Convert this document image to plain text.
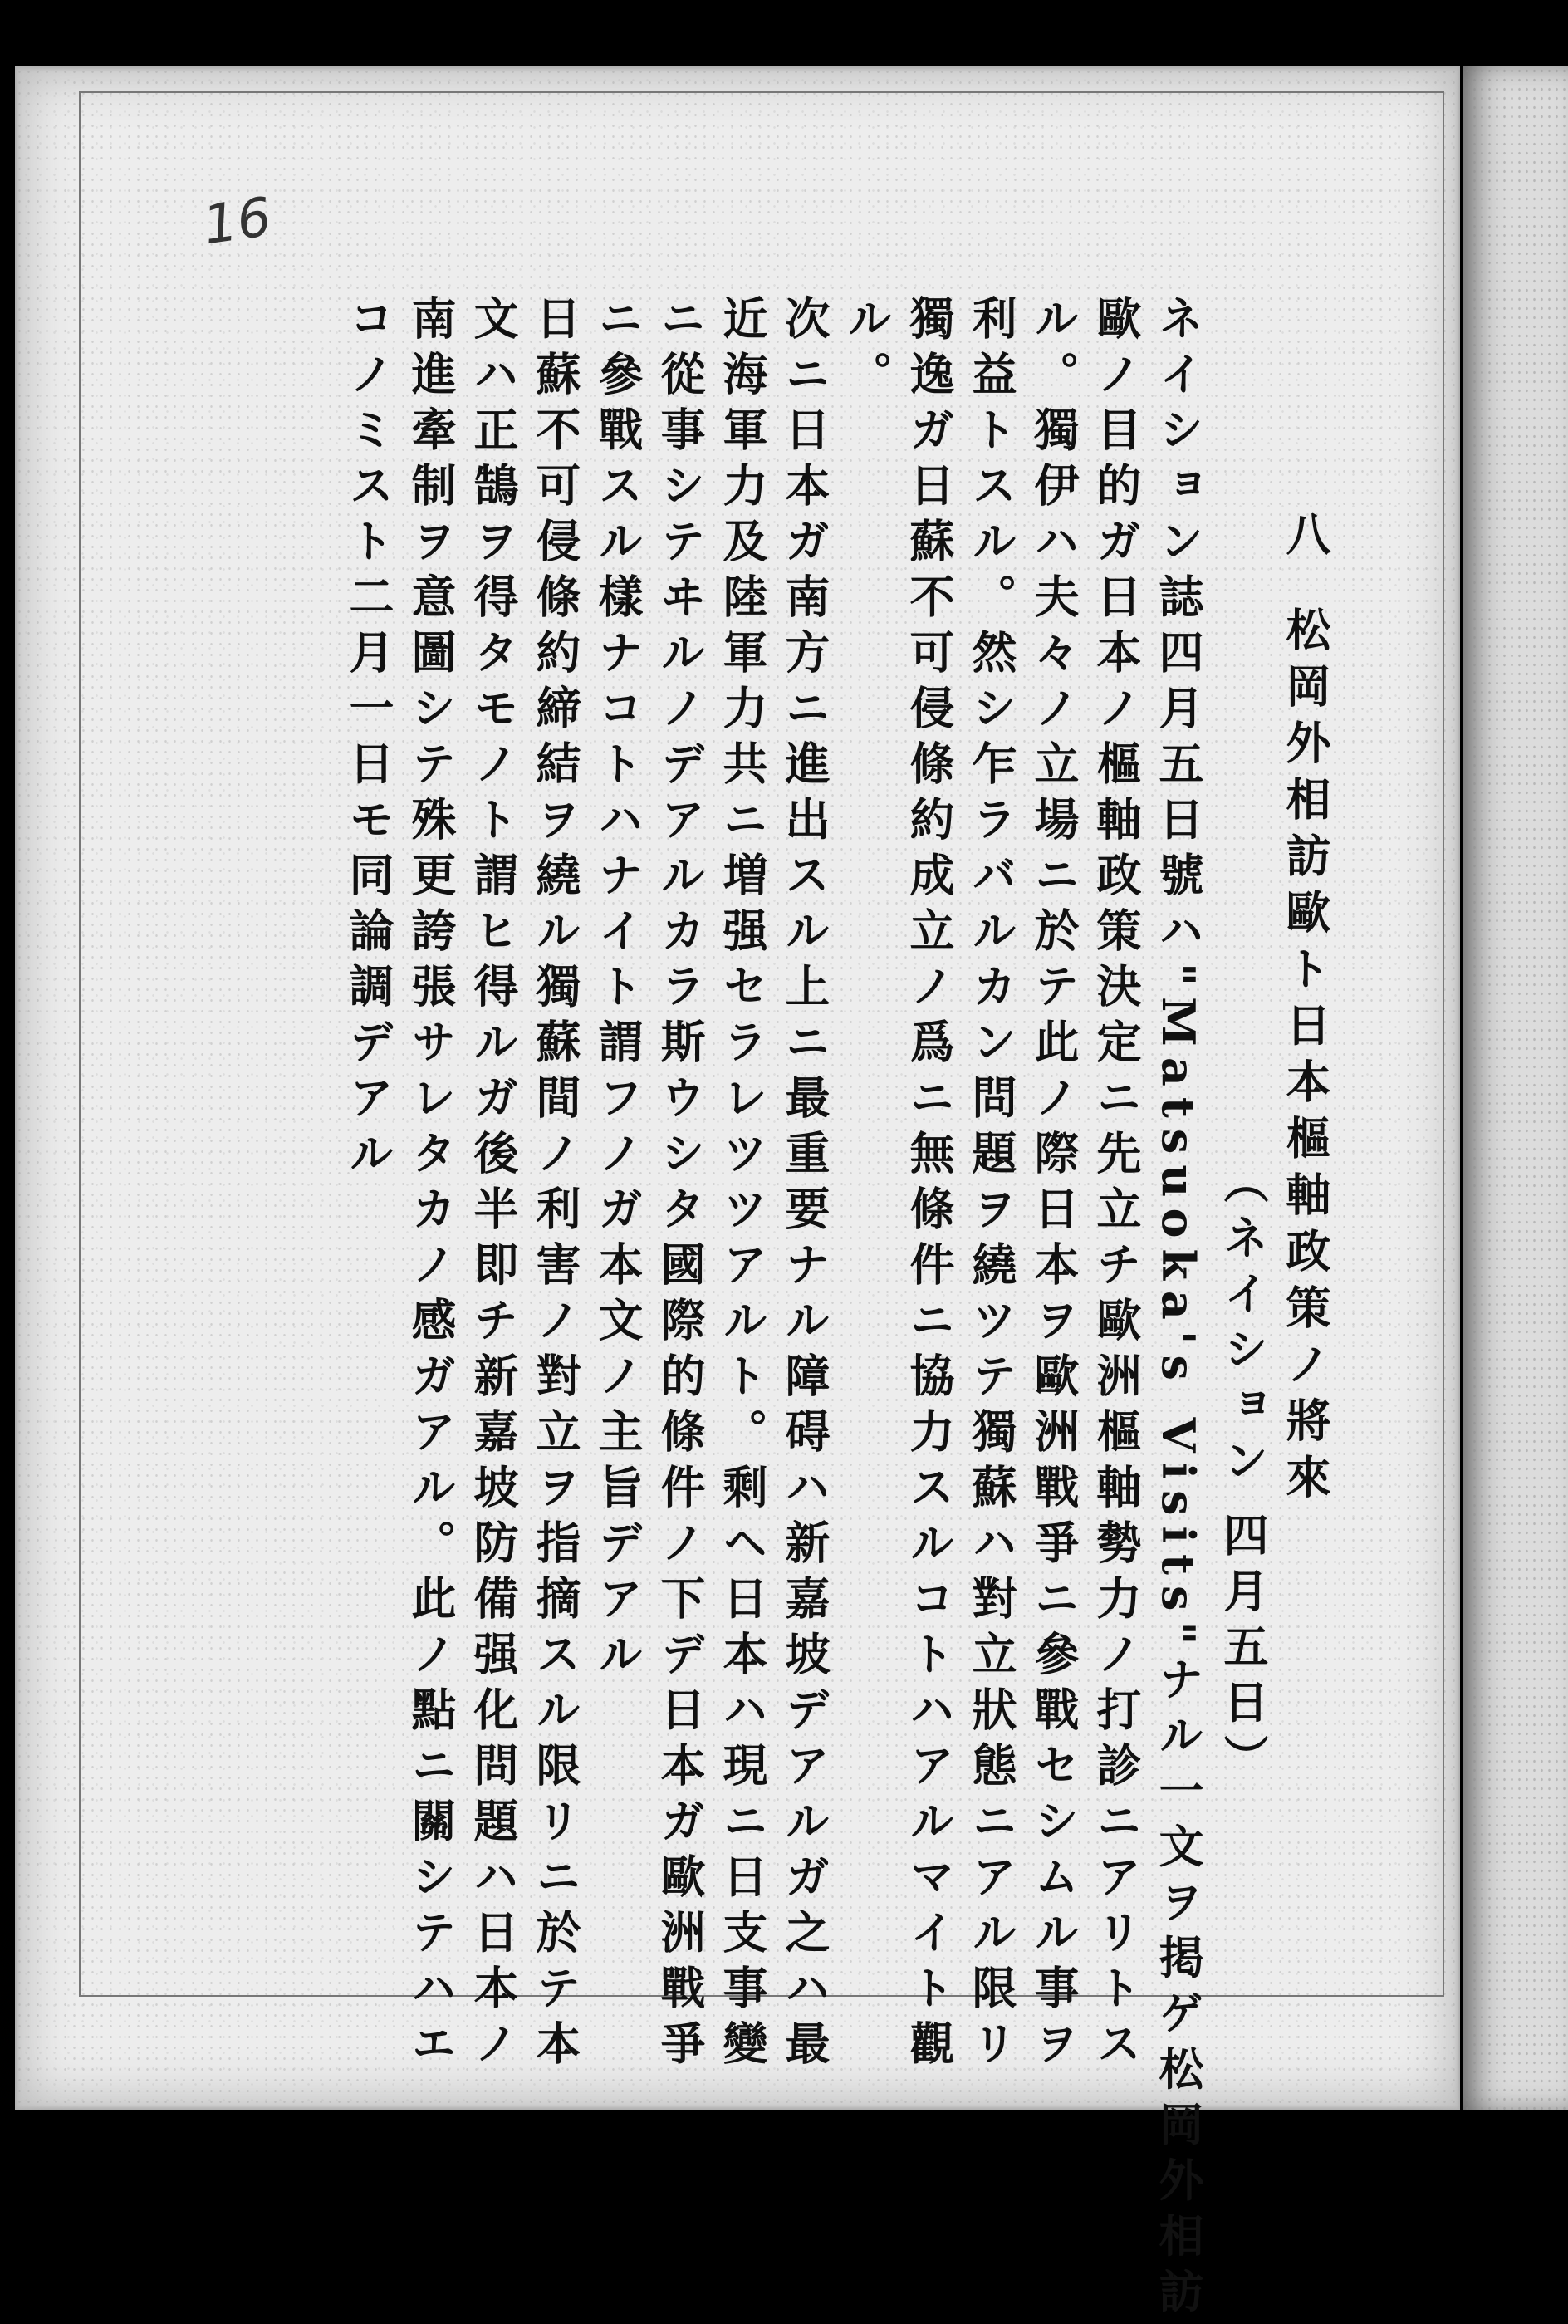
16
八
松岡外相訪歐ト日本樞軸政策ノ將來
（ネイション
四月五日）
ネイション誌四月五日號ハ"Matsuoka's Visits"ナル一文ヲ掲ゲ松岡外相訪
歐ノ目的ガ日本ノ樞軸政策決定ニ先立チ歐洲樞軸勢力ノ打診ニアリトス
ル。獨伊ハ夫々ノ立場ニ於テ此ノ際日本ヲ歐洲戰爭ニ參戰セシムル事ヲ
利益トスル。然シ乍ラバルカン問題ヲ繞ツテ獨蘇ハ對立狀態ニアル限リ
獨逸ガ日蘇不可侵條約成立ノ爲ニ無條件ニ協力スルコトハアルマイト觀
ル。
次ニ日本ガ南方ニ進出スル上ニ最重要ナル障碍ハ新嘉坡デアルガ之ハ最
近海軍力及陸軍力共ニ増强セラレツツアルト。剩ヘ日本ハ現ニ日支事變
ニ從事シテヰルノデアルカラ斯ウシタ國際的條件ノ下デ日本ガ歐洲戰爭
ニ參戰スル樣ナコトハナイト謂フノガ本文ノ主旨デアル
日蘇不可侵條約締結ヲ繞ル獨蘇間ノ利害ノ對立ヲ指摘スル限リニ於テ本
文ハ正鵠ヲ得タモノト謂ヒ得ルガ後半即チ新嘉坡防備强化問題ハ日本ノ
南進牽制ヲ意圖シテ殊更誇張サレタカノ感ガアル。此ノ點ニ關シテハエ
コノミスト二月一日モ同論調デアル
